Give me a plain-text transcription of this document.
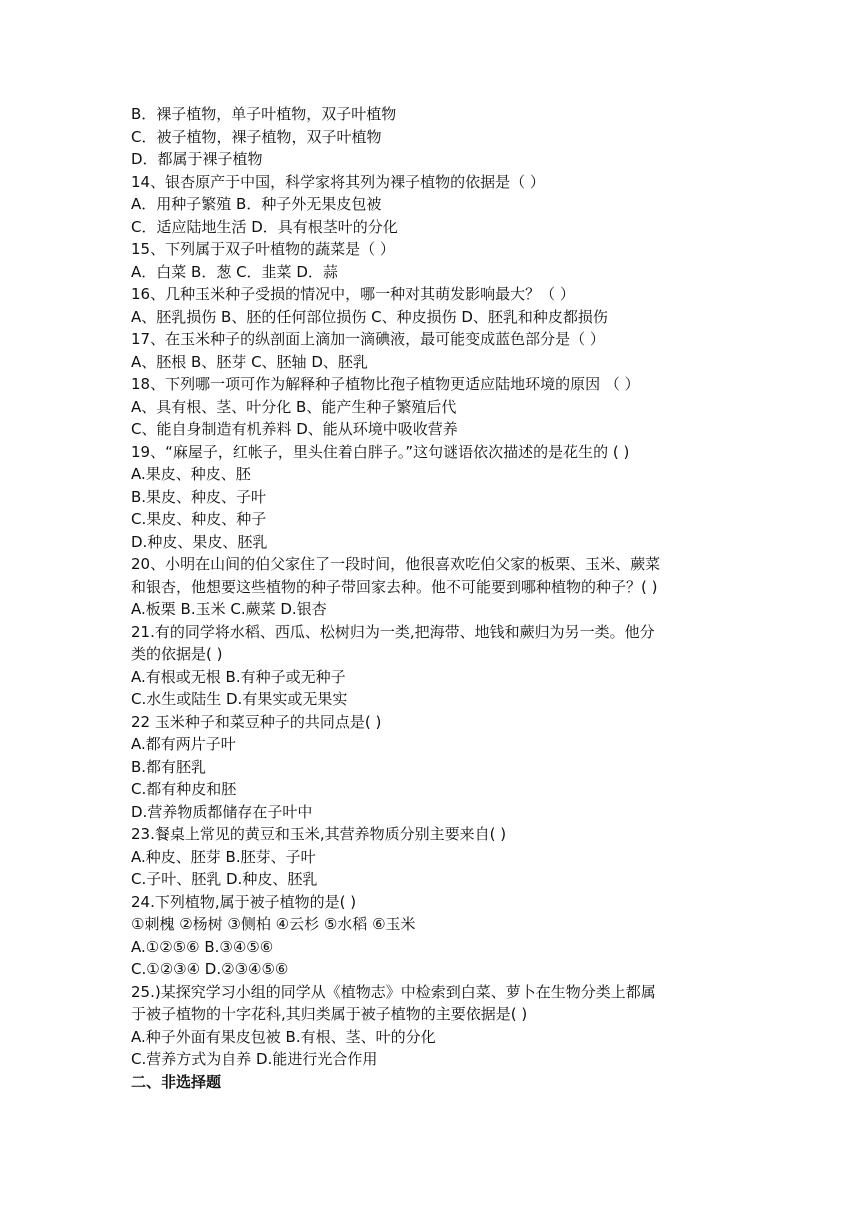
B．裸子植物，单子叶植物，双子叶植物
C．被子植物，裸子植物，双子叶植物
D．都属于裸子植物
14、银杏原产于中国，科学家将其列为裸子植物的依据是（ ）
A．用种子繁殖 B．种子外无果皮包被
C．适应陆地生活 D．具有根茎叶的分化
15、下列属于双子叶植物的蔬菜是（ ）
A．白菜 B．葱 C．韭菜 D．蒜
16、几种玉米种子受损的情况中，哪一种对其萌发影响最大？（ ）
A、胚乳损伤 B、胚的任何部位损伤 C、种皮损伤 D、胚乳和种皮都损伤
17、在玉米种子的纵剖面上滴加一滴碘液，最可能变成蓝色部分是（ ）
A、胚根 B、胚芽 C、胚轴 D、胚乳
18、下列哪一项可作为解释种子植物比孢子植物更适应陆地环境的原因 （ ）
A、具有根、茎、叶分化 B、能产生种子繁殖后代
C、能自身制造有机养料 D、能从环境中吸收营养
19、“麻屋子，红帐子，里头住着白胖子。”这句谜语依次描述的是花生的 ( )
A.果皮、种皮、胚
B.果皮、种皮、子叶
C.果皮、种皮、种子
D.种皮、果皮、胚乳
20、小明在山间的伯父家住了一段时间，他很喜欢吃伯父家的板栗、玉米、蕨菜
和银杏，他想要这些植物的种子带回家去种。他不可能要到哪种植物的种子？( )
A.板栗 B.玉米 C.蕨菜 D.银杏
21.有的同学将水稻、西瓜、松树归为一类,把海带、地钱和蕨归为另一类。他分
类的依据是( )
A.有根或无根 B.有种子或无种子
C.水生或陆生 D.有果实或无果实
22 玉米种子和菜豆种子的共同点是( )
A.都有两片子叶
B.都有胚乳
C.都有种皮和胚
D.营养物质都储存在子叶中
23.餐桌上常见的黄豆和玉米,其营养物质分别主要来自( )
A.种皮、胚芽 B.胚芽、子叶
C.子叶、胚乳 D.种皮、胚乳
24.下列植物,属于被子植物的是( )
①刺槐 ②杨树 ③侧柏 ④云杉 ⑤水稻 ⑥玉米
A.①②⑤⑥ B.③④⑤⑥
C.①②③④ D.②③④⑤⑥
25.)某探究学习小组的同学从《植物志》中检索到白菜、萝卜在生物分类上都属
于被子植物的十字花科,其归类属于被子植物的主要依据是( )
A.种子外面有果皮包被 B.有根、茎、叶的分化
C.营养方式为自养 D.能进行光合作用
二、非选择题
